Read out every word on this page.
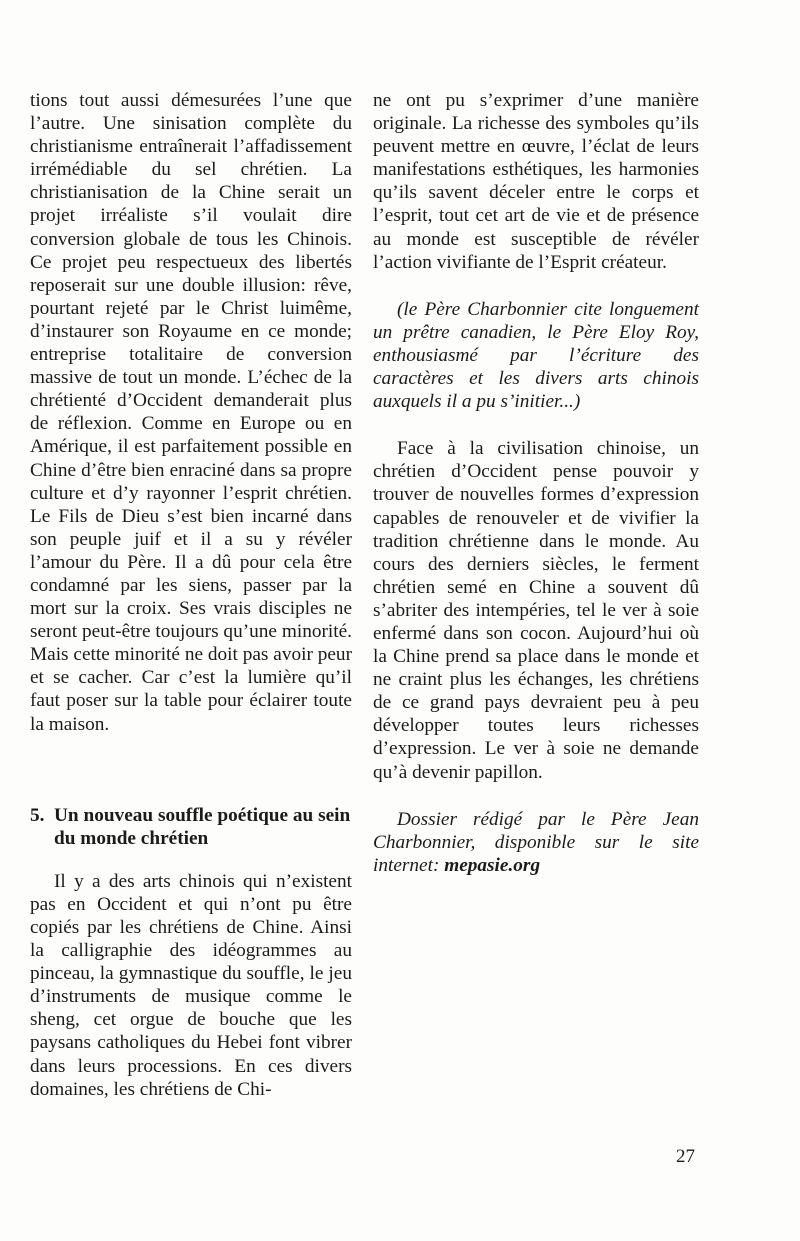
tions tout aussi démesurées l’une que l’autre. Une sinisation complète du christianisme entraînerait l’affadissement irrémédiable du sel chrétien. La christianisation de la Chine serait un projet irréaliste s’il voulait dire conversion globale de tous les Chinois. Ce projet peu respectueux des libertés reposerait sur une double illusion: rêve, pourtant rejeté par le Christ luimême, d’instaurer son Royaume en ce monde; entreprise totalitaire de conversion massive de tout un monde. L’échec de la chrétienté d’Occident demanderait plus de réflexion. Comme en Europe ou en Amérique, il est parfaitement possible en Chine d’être bien enraciné dans sa propre culture et d’y rayonner l’esprit chrétien. Le Fils de Dieu s’est bien incarné dans son peuple juif et il a su y révéler l’amour du Père. Il a dû pour cela être condamné par les siens, passer par la mort sur la croix. Ses vrais disciples ne seront peut-être toujours qu’une minorité. Mais cette minorité ne doit pas avoir peur et se cacher. Car c’est la lumière qu’il faut poser sur la table pour éclairer toute la maison.

5. Un nouveau souffle poétique au sein du monde chrétien

Il y a des arts chinois qui n’existent pas en Occident et qui n’ont pu être copiés par les chrétiens de Chine. Ainsi la calligraphie des idéogrammes au pinceau, la gymnastique du souffle, le jeu d’instruments de musique comme le sheng, cet orgue de bouche que les paysans catholiques du Hebei font vibrer dans leurs processions. En ces divers domaines, les chrétiens de Chi-

ne ont pu s’exprimer d’une manière originale. La richesse des symboles qu’ils peuvent mettre en œuvre, l’éclat de leurs manifestations esthétiques, les harmonies qu’ils savent déceler entre le corps et l’esprit, tout cet art de vie et de présence au monde est susceptible de révéler l’action vivifiante de l’Esprit créateur.

(le Père Charbonnier cite longuement un prêtre canadien, le Père Eloy Roy, enthousiasmé par l’écriture des caractères et les divers arts chinois auxquels il a pu s’initier...)

Face à la civilisation chinoise, un chrétien d’Occident pense pouvoir y trouver de nouvelles formes d’expression capables de renouveler et de vivifier la tradition chrétienne dans le monde. Au cours des derniers siècles, le ferment chrétien semé en Chine a souvent dû s’abriter des intempéries, tel le ver à soie enfermé dans son cocon. Aujourd’hui où la Chine prend sa place dans le monde et ne craint plus les échanges, les chrétiens de ce grand pays devraient peu à peu développer toutes leurs richesses d’expression. Le ver à soie ne demande qu’à devenir papillon.

Dossier rédigé par le Père Jean Charbonnier, disponible sur le site internet: mepasie.org

27
